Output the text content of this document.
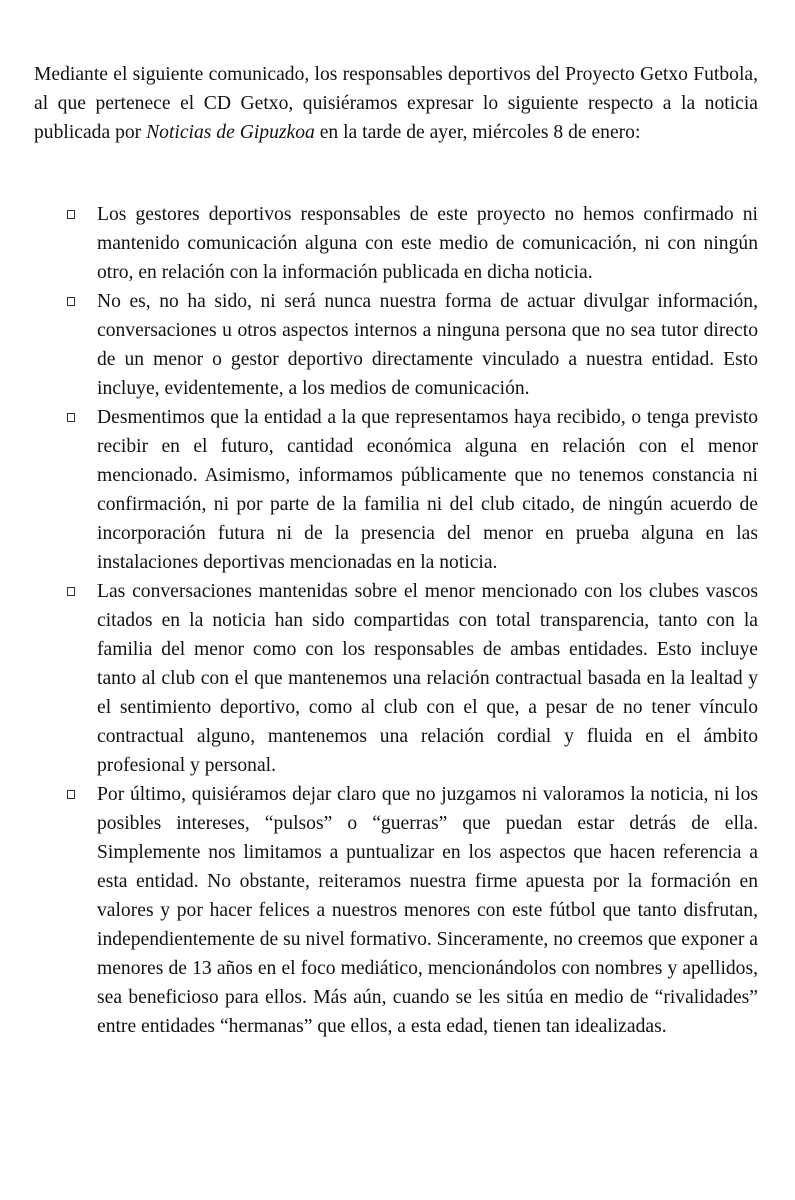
Mediante el siguiente comunicado, los responsables deportivos del Proyecto Getxo Futbola, al que pertenece el CD Getxo, quisiéramos expresar lo siguiente respecto a la noticia publicada por Noticias de Gipuzkoa en la tarde de ayer, miércoles 8 de enero:

Los gestores deportivos responsables de este proyecto no hemos confirmado ni mantenido comunicación alguna con este medio de comunicación, ni con ningún otro, en relación con la información publicada en dicha noticia.
No es, no ha sido, ni será nunca nuestra forma de actuar divulgar información, conversaciones u otros aspectos internos a ninguna persona que no sea tutor directo de un menor o gestor deportivo directamente vinculado a nuestra entidad. Esto incluye, evidentemente, a los medios de comunicación.
Desmentimos que la entidad a la que representamos haya recibido, o tenga previsto recibir en el futuro, cantidad económica alguna en relación con el menor mencionado. Asimismo, informamos públicamente que no tenemos constancia ni confirmación, ni por parte de la familia ni del club citado, de ningún acuerdo de incorporación futura ni de la presencia del menor en prueba alguna en las instalaciones deportivas mencionadas en la noticia.
Las conversaciones mantenidas sobre el menor mencionado con los clubes vascos citados en la noticia han sido compartidas con total transparencia, tanto con la familia del menor como con los responsables de ambas entidades. Esto incluye tanto al club con el que mantenemos una relación contractual basada en la lealtad y el sentimiento deportivo, como al club con el que, a pesar de no tener vínculo contractual alguno, mantenemos una relación cordial y fluida en el ámbito profesional y personal.
Por último, quisiéramos dejar claro que no juzgamos ni valoramos la noticia, ni los posibles intereses, “pulsos” o “guerras” que puedan estar detrás de ella. Simplemente nos limitamos a puntualizar en los aspectos que hacen referencia a esta entidad. No obstante, reiteramos nuestra firme apuesta por la formación en valores y por hacer felices a nuestros menores con este fútbol que tanto disfrutan, independientemente de su nivel formativo. Sinceramente, no creemos que exponer a menores de 13 años en el foco mediático, mencionándolos con nombres y apellidos, sea beneficioso para ellos. Más aún, cuando se les sitúa en medio de “rivalidades” entre entidades “hermanas” que ellos, a esta edad, tienen tan idealizadas.
